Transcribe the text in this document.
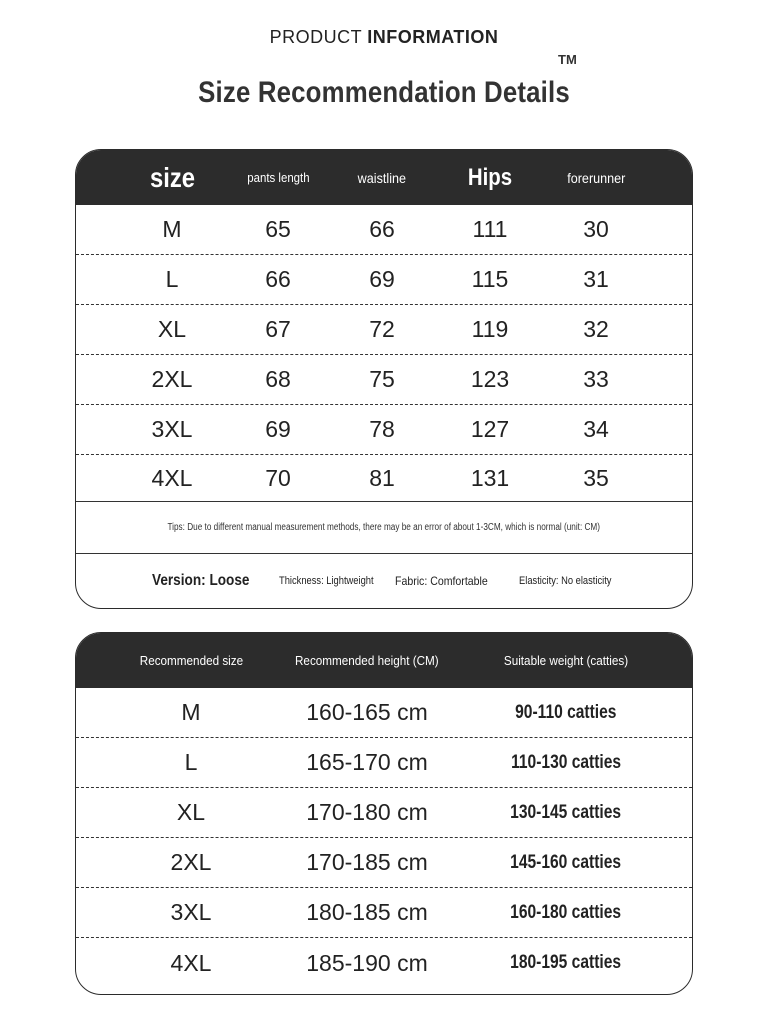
PRODUCT INFORMATION
Size Recommendation Details
TM
size	pants length	waistline	Hips	forerunner
M	65	66	111	30
L	66	69	115	31
XL	67	72	119	32
2XL	68	75	123	33
3XL	69	78	127	34
4XL	70	81	131	35
Tips: Due to different manual measurement methods, there may be an error of about 1-3CM, which is normal (unit: CM)
Version: Loose	Thickness: Lightweight Fabric: Comfortable	Elasticity: No elasticity
Recommended size	Recommended height (CM)	Suitable weight (catties)
M	160-165 cm	90-110 catties
L	165-170 cm	110-130 catties
XL	170-180 cm	130-145 catties
2XL	170-185 cm	145-160 catties
3XL	180-185 cm	160-180 catties
4XL	185-190 cm	180-195 catties
